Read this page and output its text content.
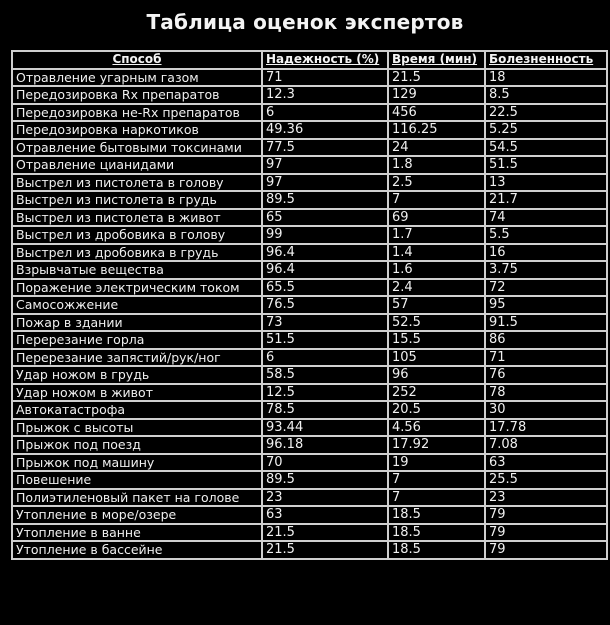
Таблица оценок экспертов
Способ	Надежность (%)	Время (мин)	Болезненность
Отравление угарным газом	71	21.5	18
Передозировка Rx препаратов	12.3	129	8.5
Передозировка не-Rx препаратов	6	456	22.5
Передозировка наркотиков	49.36	116.25	5.25
Отравление бытовыми токсинами	77.5	24	54.5
Отравление цианидами	97	1.8	51.5
Выстрел из пистолета в голову	97	2.5	13
Выстрел из пистолета в грудь	89.5	7	21.7
Выстрел из пистолета в живот	65	69	74
Выстрел из дробовика в голову	99	1.7	5.5
Выстрел из дробовика в грудь	96.4	1.4	16
Взрывчатые вещества	96.4	1.6	3.75
Поражение электрическим током	65.5	2.4	72
Самосожжение	76.5	57	95
Пожар в здании	73	52.5	91.5
Перерезание горла	51.5	15.5	86
Перерезание запястий/рук/ног	6	105	71
Удар ножом в грудь	58.5	96	76
Удар ножом в живот	12.5	252	78
Автокатастрофа	78.5	20.5	30
Прыжок с высоты	93.44	4.56	17.78
Прыжок под поезд	96.18	17.92	7.08
Прыжок под машину	70	19	63
Повешение	89.5	7	25.5
Полиэтиленовый пакет на голове	23	7	23
Утопление в море/озере	63	18.5	79
Утопление в ванне	21.5	18.5	79
Утопление в бассейне	21.5	18.5	79
